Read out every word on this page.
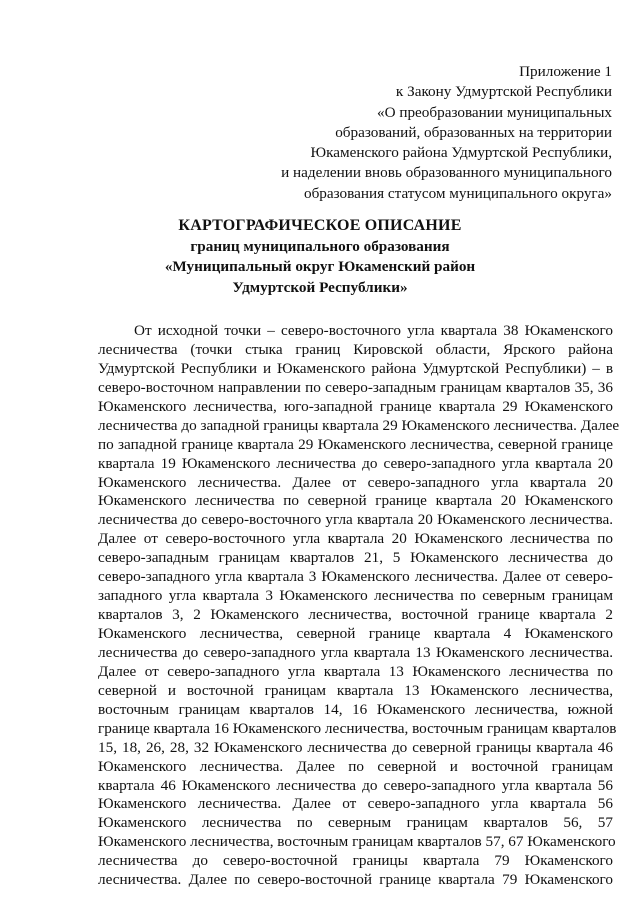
Приложение 1
к Закону Удмуртской Республики
«О преобразовании муниципальных
образований, образованных на территории
Юкаменского района Удмуртской Республики,
и наделении вновь образованного муниципального
образования статусом муниципального округа»
КАРТОГРАФИЧЕСКОЕ ОПИСАНИЕ
границ муниципального образования
«Муниципальный округ Юкаменский район
Удмуртской Республики»
От исходной точки – северо-восточного угла квартала 38 Юкаменского
лесничества (точки стыка границ Кировской области, Ярского района
Удмуртской Республики и Юкаменского района Удмуртской Республики) – в
северо-восточном направлении по северо-западным границам кварталов 35, 36
Юкаменского лесничества, юго-западной границе квартала 29 Юкаменского
лесничества до западной границы квартала 29 Юкаменского лесничества. Далее
по западной границе квартала 29 Юкаменского лесничества, северной границе
квартала 19 Юкаменского лесничества до северо-западного угла квартала 20
Юкаменского лесничества. Далее от северо-западного угла квартала 20
Юкаменского лесничества по северной границе квартала 20 Юкаменского
лесничества до северо-восточного угла квартала 20 Юкаменского лесничества.
Далее от северо-восточного угла квартала 20 Юкаменского лесничества по
северо-западным границам кварталов 21, 5 Юкаменского лесничества до
северо-западного угла квартала 3 Юкаменского лесничества. Далее от северо-
западного угла квартала 3 Юкаменского лесничества по северным границам
кварталов 3, 2 Юкаменского лесничества, восточной границе квартала 2
Юкаменского лесничества, северной границе квартала 4 Юкаменского
лесничества до северо-западного угла квартала 13 Юкаменского лесничества.
Далее от северо-западного угла квартала 13 Юкаменского лесничества по
северной и восточной границам квартала 13 Юкаменского лесничества,
восточным границам кварталов 14, 16 Юкаменского лесничества, южной
границе квартала 16 Юкаменского лесничества, восточным границам кварталов
15, 18, 26, 28, 32 Юкаменского лесничества до северной границы квартала 46
Юкаменского лесничества. Далее по северной и восточной границам
квартала 46 Юкаменского лесничества до северо-западного угла квартала 56
Юкаменского лесничества. Далее от северо-западного угла квартала 56
Юкаменского лесничества по северным границам кварталов 56, 57
Юкаменского лесничества, восточным границам кварталов 57, 67 Юкаменского
лесничества до северо-восточной границы квартала 79 Юкаменского
лесничества. Далее по северо-восточной границе квартала 79 Юкаменского
